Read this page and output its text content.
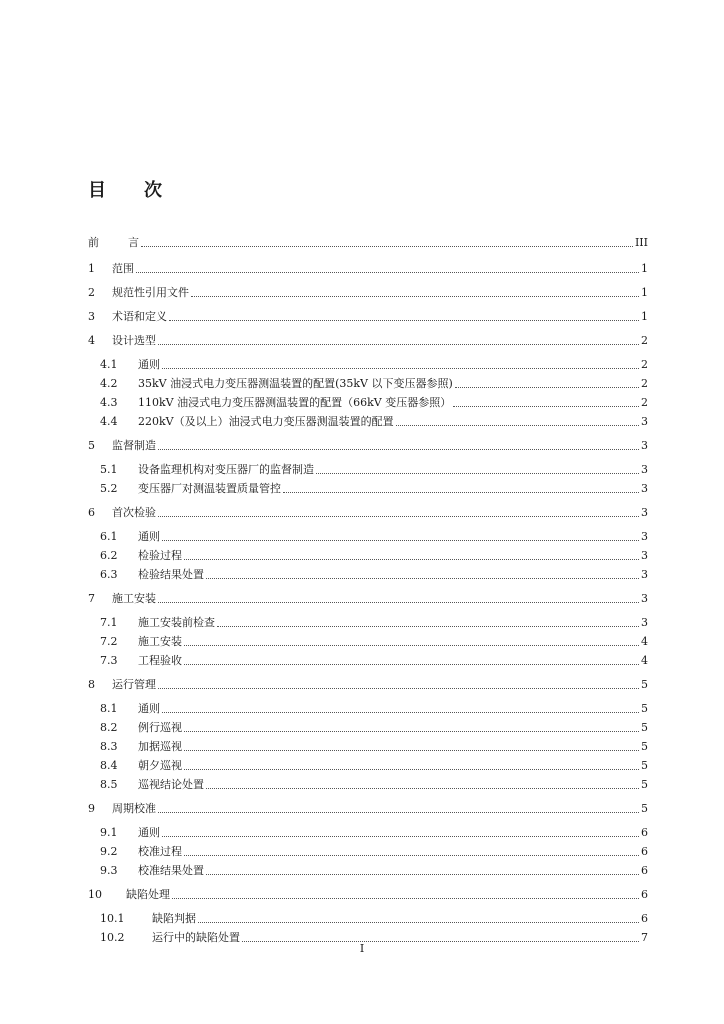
目次
前	言	III
1	范围	1
2	规范性引用文件	1
3	术语和定义	1
4	设计选型	2
4.1	通则	2
4.2	35kV 油浸式电力变压器测温装置的配置(35kV 以下变压器参照)	2
4.3	110kV 油浸式电力变压器测温装置的配置（66kV 变压器参照）	2
4.4	220kV（及以上）油浸式电力变压器测温装置的配置	3
5	监督制造	3
5.1	设备监理机构对变压器厂的监督制造	3
5.2	变压器厂对测温装置质量管控	3
6	首次检验	3
6.1	通则	3
6.2	检验过程	3
6.3	检验结果处置	3
7	施工安装	3
7.1	施工安装前检查	3
7.2	施工安装	4
7.3	工程验收	4
8	运行管理	5
8.1	通则	5
8.2	例行巡视	5
8.3	加据巡视	5
8.4	朝夕巡视	5
8.5	巡视结论处置	5
9	周期校准	5
9.1	通则	6
9.2	校准过程	6
9.3	校准结果处置	6
10	缺陷处理	6
10.1	缺陷判据	6
10.2	运行中的缺陷处置	7
I
